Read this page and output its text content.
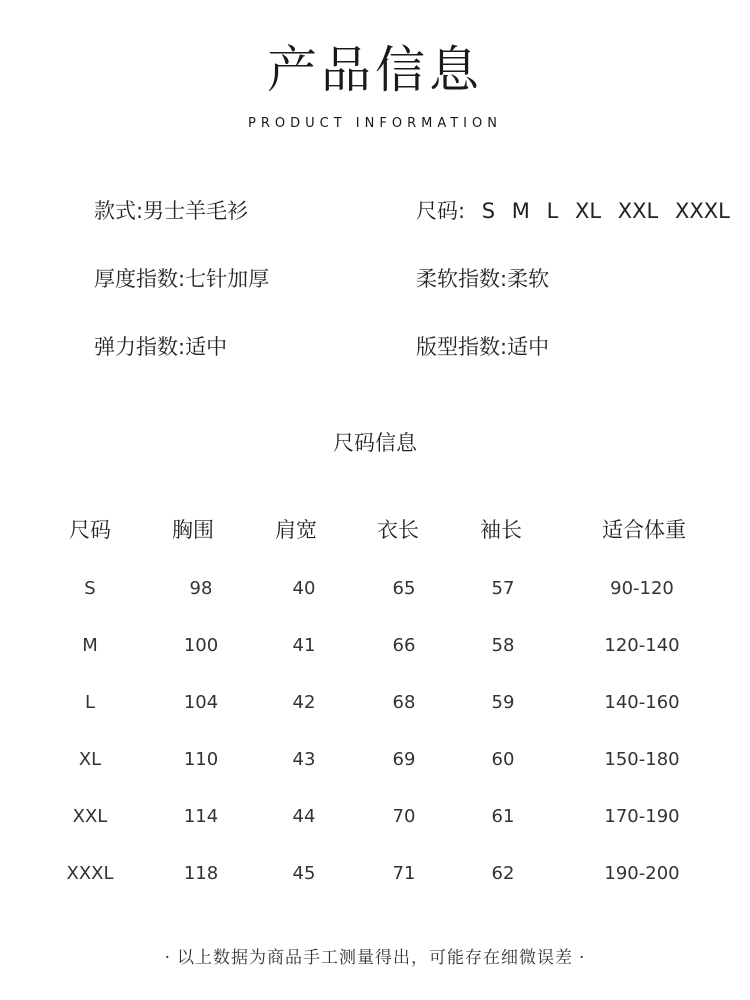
产品信息
PRODUCT INFORMATION
款式:男士羊毛衫	尺码: S M L XL XXL XXXL
厚度指数:七针加厚	柔软指数:柔软
弹力指数:适中	版型指数:适中
尺码信息
尺码	胸围	肩宽	衣长	袖长	适合体重
S	98	40	65	57	90-120
M	100	41	66	58	120-140
L	104	42	68	59	140-160
XL	110	43	69	60	150-180
XXL	114	44	70	61	170-190
XXXL	118	45	71	62	190-200
· 以上数据为商品手工测量得出，可能存在细微误差 ·
